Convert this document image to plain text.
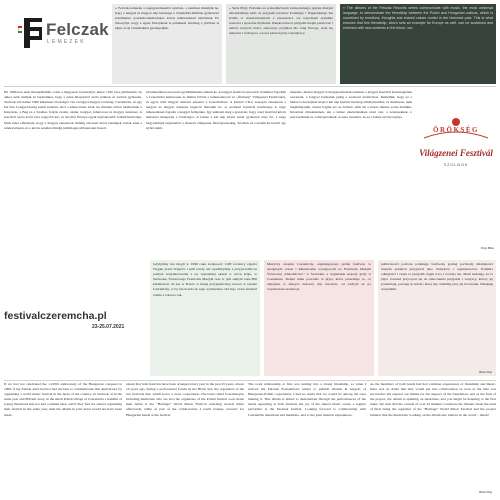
Felczak
LEMEZEK
» Felczak-lemezek a legegyetemesebb nyelven, a zenében mutatják be, hogy a lengyel és magyar nép barátsága a történelmi múltban gyökerező érzelmeket, gondolkodásmódokat, közös érékrendszert tükröznek. Ez bizonyítja, hogy e egész Európának is példaként barátság a jövőben is éljen, és új tartalmakkal gazdagodjék.
» Seria Płyty Felczaka za pośrednictwem uniwersalnego języka muzyki uświadamiają nam, że przyjaźń narodów Polskiego i Węgierskiego ma źródło w doświadczeniach z przeszłości, we wspólnym systemie wartości i sposobie myślenia. Dzięki temu ta przyjaźń mogła przetrwać i nabrać nowych treści, stanowiąc przykład dla całej Europy, stale się umacnia i wzbogaca o nowe płaszczyzny współpracy.
» The albums of the Felczak Records series communicate with music, the most universal language, to demonstrate the friendship between the Polish and Hungarian nations, which is nourished by emotions, thoughts and shared values rooted in the historical past. This is what ensures that this friendship, which sets an example for Europe as well, can be sustained and enriched with new contents in the future, too.
Ha 1996-ban nem üzenepfhettük volna a magyarok fesztiválját, akkor 1100 éves jubileumát, ha akkor nem találjuk ki barátainkat, hogy a jelen állapotáról szóló játékok az zsolnai gyökerek. Szolnok városában 1600 kilométer távolságra van a lengyel-magyar barátság. Czeremcha, ez egy kis falu Lengyelország keleti határán, ahol a kilencvenes évek óta minden évben találkoznak a Kárpátok, a Bug és a Szamos folyók ruszin, ukrán, lengyel, fehérorosz és magyar zenészei. A fesztivál azóta évről évre nagyobb lett, és ma már Európa egyik legfontosabb folklórfesztiválja. Nem lehet elfelejteni, hogy a magyar zenekarok mindig szívesen látott vendégek voltak ezen a rendezvényen, és a közös zenélés mindig különleges pillanatokat hozott.
kövétkeztében szorosan együttműködés alakult ki. A lengyel fesztivál szervezői örömmel fogadták a Czeremcha hamarosan és immár fölötte a bemutatkozott az „Örökség” Világzenei Fesztiválon, és egyre több magyar művész érkezett a Czeremchára. A kiadott CD-n szereplő zenekarok a lengyel és magyar népzene legjavát mutatják be. A szolnoki fesztivál közönsége is nagy lelkesedéssel fogadta a lengyel fellépőket. Így született meg a gondolat, hogy a két fesztivál közös lemezzel ünnepelje a barátságot. A lemez a két nép közös zenei gyökereit tárja fel, a nagy hagyományú népzenétől a modern világzenei feldolgozásokig. Szolnok és Czeremcha között így új híd épült.
muzsika, hiszen magyar is megtapasztaltuk ezekben a lengyel fesztivál közönségének szeretetét, a lengyel barátaink pedig a szolnoki fesztiválon. Reméljük, hogy ez a lemez is hozzájárul majd a két nép közötti barátság elmélyítéséhez, és mindazok, akik meghallgatják, érezni fogják azt az örömöt, amit mi a közös munka során átéltünk. Köszönet mindenkinek, aki a lemez elkészítésében részt vett, a zenészeknek, a szervezőknek és a támogatóknak. A zene összeköt, és ez a lemez ezt bizonyítja.
ÖRÖKSÉG
Világzenei Fesztivál
SZOLNOK
Pop Béla
festivalczeremcha.pl
23-25.07.2021
Gdybyśmy nie mogli w 1996 roku świętować 1100 rocznicy zajęcia Węgier przez Węgrów i jeśli wtedy nie wpadlibyśmy z przyjaciółmi na pomysł zorganizowania z tej wspaniałej okazji w sercu kraju, w Szolnoku, Światowego Festiwalu Muzyki oraz w tym samym roku 800 kilometrów od nas w Polsce w małej przygranicznej wiosce w rejonie Czeremchy, to by nie doszło do tego wydarzenia. Od tego czasu festiwal rośnie z roku na rok.
Muzyczy zespołu Czeremchy, organizującego polski festiwal, w następnym czasie i kilkukrotnie występowali na Festiwalu Muzyki Światowej „Dziedzictwo” w Szolnoku, a węgierskie zespoły grały w Czeremsze. Dzięki temu powstała ta płyta, która prezentuje to, co najlepsze w muzyce ludowej obu narodów, od tradycji aż po współczesne aranżacje.
publiczności podczas polskiego festiwalu, godnej pochwały działalności muzyki polskich przyjaciół jako muzyków i organizatorów. Pomimo odległości i czasu ta przyjaźń ciągle trwa i rozwija się. Mam nadzieję, że ta płyta również przyczyni się do umocnienia przyjaźni i wszyscy, którzy jej posłuchają, poczują tę radość, którą my czuliśmy przy jej tworzeniu. Dziękuję wszystkim.
Béla Pop
If we had not celebrated the 1,100th anniversary of the Hungarian conquest in 1996, if my friends and I had not had the idea to commemorate this anniversary by organizing a world music festival in the heart of the country, in Szolnok, if in the same year and 800 km away, in the small Polish village of Czeremcha a handful of young musicians had not had a similar idea, and if they had not started organizing their festival in the same year, then the album in your hand would not have been made.
extent that both festivals have been arranged every year in the past 25 years. About 10 years ago, during a professional forum by the Black Sea, the organizers of the two festivals met, which led to a close cooperation. The band called Czeremszyna including musicians who are also the organizers of the Polish festival soon made their debut at the “Heritage” World Music Festival returning several times afterwards, while as part of the collaboration I could arrange concerts for Hungarian bands at the festival.
The work relationship at first was turning into a strong friendship, so when I noticed the Felczak Foundation's tender to publish albums in support of Hungarian-Polish cooperation, I had no doubt that we would be among the ones making it. This album is aimed to demonstrate through the performances of the bands appearing at both festivals the joy of the shared music scene, a regular performer at the Szolnok festival. Looking forward to collaborating with Czeremcha musicians and members, and to the joint musical experiences.
As the members of both bands had had common experiences of friendship and music, there was no doubt that they would put into collaboration as soon as the idea was successful. We express our thanks for the support of the foundation, and as the fruit of the project, the album is spinning on turntables, and you might be listening to the first tunes. We trust that the content of over 45 minutes convinces the listener about the ends of their being the organizer of the “Heritage” World Music Festival and the project initiator that the musicians' working on the album also believe in the world – music!
Béla Pop
